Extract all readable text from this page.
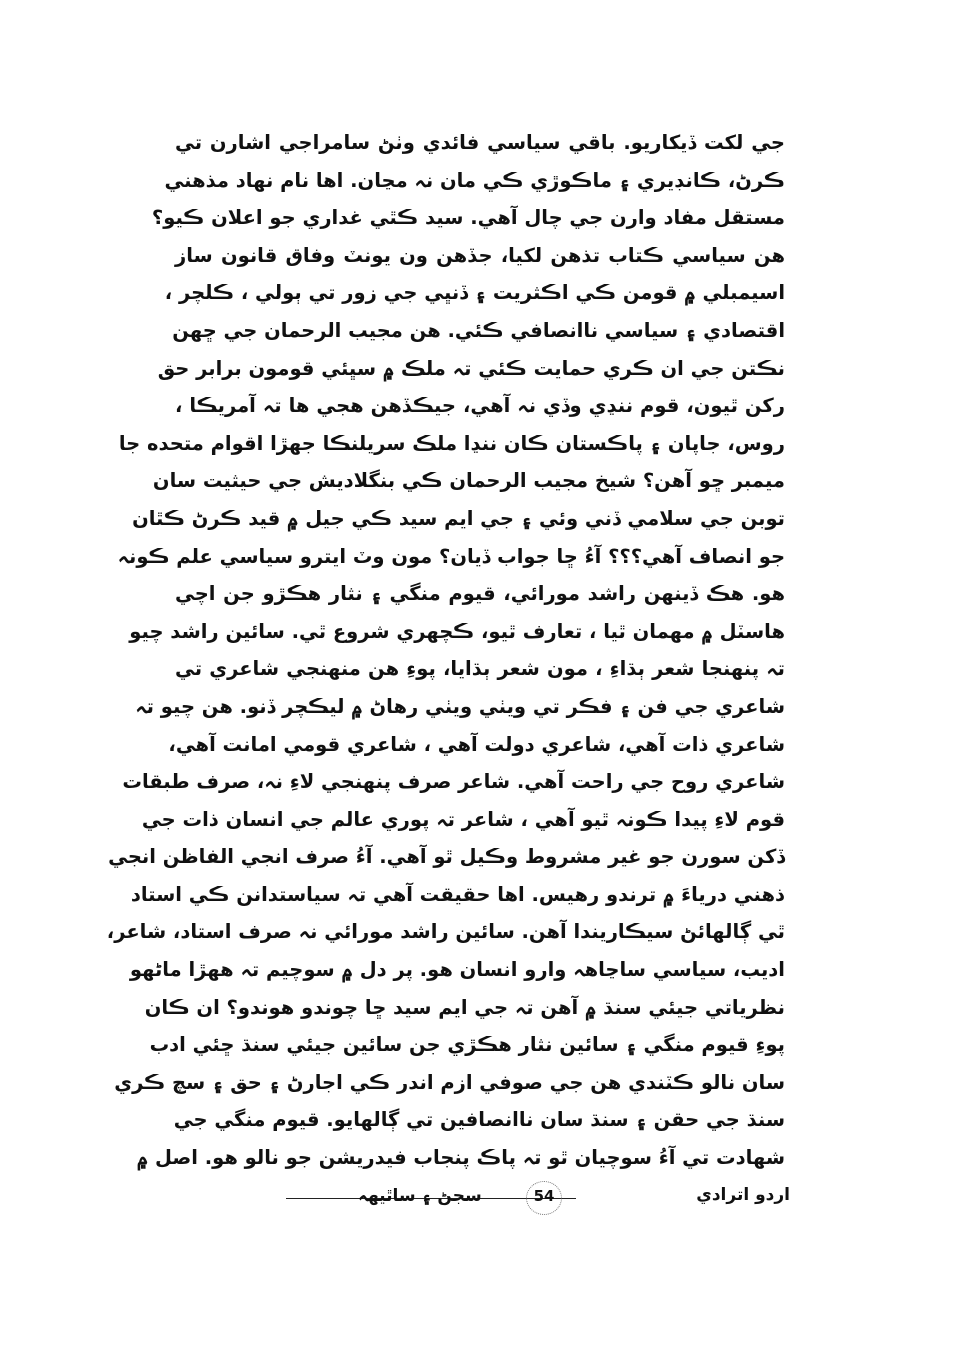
جي لکت ڏيکاريو. باقي سياسي فائدي وٺڻ سامراجي اشارن تي
ڪرڻ، ڪانڊيري ۽ ماڪوڙي ڪي مان نہ مڃان. اها نام نهاد مذهني
مستقل مفاد وارن جي چال آهي. سيد ڪٿي غداري جو اعلان ڪيو؟
هن سياسي ڪتاب تذهن لکيا، جڏهن ون يونٽ وفاق قانون ساز
اسيمبلي ۾ قومن ڪي اڪثريت ۽ ڏنڀي جي زور تي ٻولي ، ڪلچر ،
اقتصادي ۽ سياسي ناانصافي ڪئي. هن مجيب الرحمان جي ڇهن
نڪتن جي ان ڪري حمايت ڪئي تہ ملڪ ۾ سڀئي قومون برابر حق
رکن ٿيون، قوم ننڍي وڏي نہ آهي، جيڪڏهن هجي ها تہ آمريڪا ،
روس، جاپان ۽ پاڪستان ڪان ننڍا ملڪ سريلنڪا جهڙا اقوام متحده جا
ميمبر ڇو آهن؟ شيخ مجيب الرحمان ڪي بنگلاديش جي حيثيت سان
توبن جي سلامي ڏني وئي ۽ جي ايم سيد ڪي جيل ۾ قيد ڪرڻ ڪٿان
جو انصاف آهي؟؟؟ آءُ ڇا جواب ڏيان؟ مون وٽ ايترو سياسي علم ڪونہ
هو. هڪ ڏينهن راشد مورائي، قيوم منگي ۽ نثار هڪڙو جن اچي
هاسٽل ۾ مهمان ٿيا ، تعارف ٿيو، ڪچهري شروع ٿي. سائين راشد چيو
تہ پنهنجا شعر ٻڌاءِ ، مون شعر ٻڌايا، پوءِ هن منهنجي شاعري تي
شاعري جي فن ۽ فڪر تي ويٺي ويٺي رهاڻ ۾ ليڪچر ڏنو. هن چيو تہ
شاعري ذات آهي، شاعري دولت آهي ، شاعري قومي امانت آهي،
شاعري روح جي راحت آهي. شاعر صرف پنهنجي لاءِ نہ، صرف طبقات
قوم لاءِ پيدا ڪونہ ٿيو آهي ، شاعر تہ پوري عالم جي انسان ذات جي
ڏکن سورن جو غير مشروط وڪيل ٿو آهي. آءُ صرف انجي الفاظن انجي
ذهني درياءَ ۾ ترندو رهيس. اها حقيقت آهي تہ سياستدانن ڪي استاد
ٿي ڳالهائڻ سيڪاريندا آهن. سائين راشد مورائي نہ صرف استاد، شاعر،
اديب، سياسي ساڃاهہ وارو انسان هو. پر دل ۾ سوچيم تہ ههڙا ماڻهو
نظرياتي جيئي سنڌ ۾ آهن تہ جي ايم سيد ڇا چوندو هوندو؟ ان ڪان
پوءِ قيوم منگي ۽ سائين نثار هڪڙي جن سائين جيئي سنڌ ڇئي ادب
سان نالو ڪٽندي هن جي صوفي ازم اندر ڪي اجارڻ ۽ حق ۽ سچ ڪري
سنڌ جي حقن ۽ سنڌ سان ناانصافين تي ڳالهايو. قيوم منگي جي
شهادت تي آءُ سوچيان ٿو تہ پاڪ پنجاب فيدريشن جو نالو هو. اصل ۾
اردو اترادي
54
سجڻ ۽ ساٿيهہ
